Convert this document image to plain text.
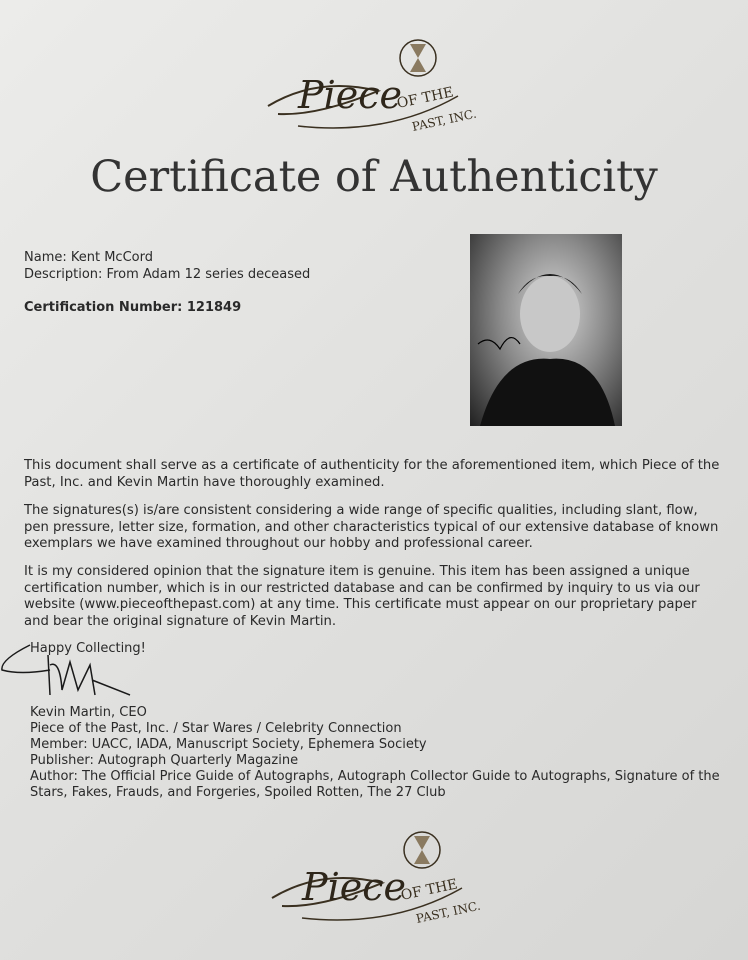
Piece
OF THE
PAST, INC.
Certificate of Authenticity
Name: Kent McCord
Description: From Adam 12 series deceased
Certification Number: 121849
This document shall serve as a certificate of authenticity for the aforementioned item, which Piece of the Past, Inc. and Kevin Martin have thoroughly examined.
The signatures(s) is/are consistent considering a wide range of specific qualities, including slant, flow, pen pressure, letter size, formation, and other characteristics typical of our extensive database of known exemplars we have examined throughout our hobby and professional career.
It is my considered opinion that the signature item is genuine. This item has been assigned a unique certification number, which is in our restricted database and can be confirmed by inquiry to us via our website (www.pieceofthepast.com) at any time. This certificate must appear on our proprietary paper and bear the original signature of Kevin Martin.
Happy Collecting!
Kevin Martin, CEO
Piece of the Past, Inc. / Star Wares / Celebrity Connection
Member: UACC, IADA, Manuscript Society, Ephemera Society
Publisher: Autograph Quarterly Magazine
Author: The Official Price Guide of Autographs, Autograph Collector Guide to Autographs, Signature of the Stars, Fakes, Frauds, and Forgeries, Spoiled Rotten, The 27 Club
Piece
OF THE
PAST, INC.
